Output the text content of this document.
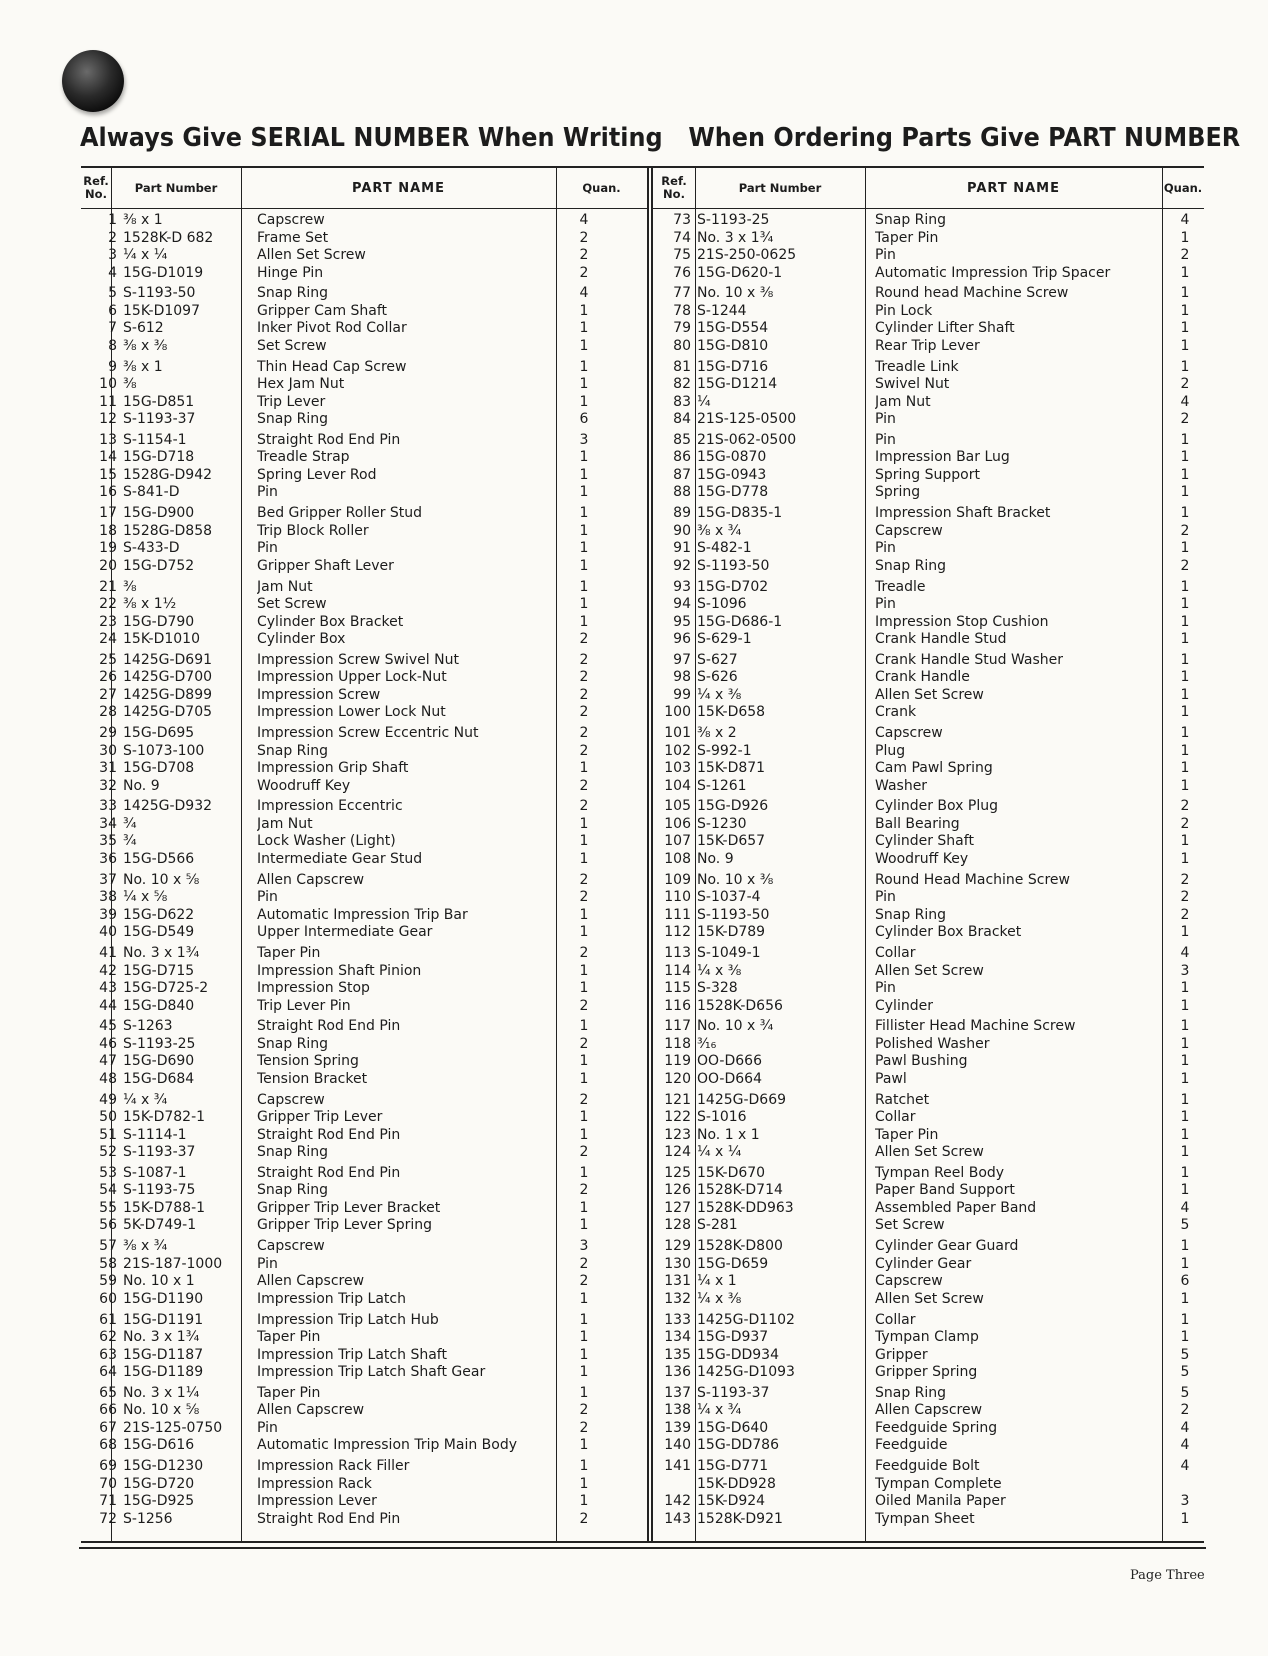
Always Give SERIAL NUMBER When Writing When Ordering Parts Give PART NUMBER
Ref. No.	Part Number	PART NAME	Quan.
1 ⅜ x 1	Capscrew	4
2 1528K-D 682	Frame Set	2
3 ¼ x ¼	Allen Set Screw	2
4 15G-D1019	Hinge Pin	2
5 S-1193-50	Snap Ring	4
6 15K-D1097	Gripper Cam Shaft	1
7 S-612	Inker Pivot Rod Collar	1
8 ⅜ x ⅜	Set Screw	1
9 ⅜ x 1	Thin Head Cap Screw	1
10 ⅜	Hex Jam Nut	1
11 15G-D851	Trip Lever	1
12 S-1193-37	Snap Ring	6
13 S-1154-1	Straight Rod End Pin	3
14 15G-D718	Treadle Strap	1
15 1528G-D942	Spring Lever Rod	1
16 S-841-D	Pin	1
17 15G-D900	Bed Gripper Roller Stud	1
18 1528G-D858	Trip Block Roller	1
19 S-433-D	Pin	1
20 15G-D752	Gripper Shaft Lever	1
21 ⅜	Jam Nut	1
22 ⅜ x 1½	Set Screw	1
23 15G-D790	Cylinder Box Bracket	1
24 15K-D1010	Cylinder Box	2
25 1425G-D691	Impression Screw Swivel Nut	2
26 1425G-D700	Impression Upper Lock-Nut	2
27 1425G-D899	Impression Screw	2
28 1425G-D705	Impression Lower Lock Nut	2
29 15G-D695	Impression Screw Eccentric Nut	2
30 S-1073-100	Snap Ring	2
31 15G-D708	Impression Grip Shaft	1
32 No. 9	Woodruff Key	2
33 1425G-D932	Impression Eccentric	2
34 ¾	Jam Nut	1
35 ¾	Lock Washer (Light)	1
36 15G-D566	Intermediate Gear Stud	1
37 No. 10 x ⅝	Allen Capscrew	2
38 ¼ x ⅝	Pin	2
39 15G-D622	Automatic Impression Trip Bar	1
40 15G-D549	Upper Intermediate Gear	1
41 No. 3 x 1¾	Taper Pin	2
42 15G-D715	Impression Shaft Pinion	1
43 15G-D725-2	Impression Stop	1
44 15G-D840	Trip Lever Pin	2
45 S-1263	Straight Rod End Pin	1
46 S-1193-25	Snap Ring	2
47 15G-D690	Tension Spring	1
48 15G-D684	Tension Bracket	1
49 ¼ x ¾	Capscrew	2
50 15K-D782-1	Gripper Trip Lever	1
51 S-1114-1	Straight Rod End Pin	1
52 S-1193-37	Snap Ring	2
53 S-1087-1	Straight Rod End Pin	1
54 S-1193-75	Snap Ring	2
55 15K-D788-1	Gripper Trip Lever Bracket	1
56 5K-D749-1	Gripper Trip Lever Spring	1
57 ⅜ x ¾	Capscrew	3
58 21S-187-1000	Pin	2
59 No. 10 x 1	Allen Capscrew	2
60 15G-D1190	Impression Trip Latch	1
61 15G-D1191	Impression Trip Latch Hub	1
62 No. 3 x 1¾	Taper Pin	1
63 15G-D1187	Impression Trip Latch Shaft	1
64 15G-D1189	Impression Trip Latch Shaft Gear	1
65 No. 3 x 1¼	Taper Pin	1
66 No. 10 x ⅝	Allen Capscrew	2
67 21S-125-0750	Pin	2
68 15G-D616	Automatic Impression Trip Main Body	1
69 15G-D1230	Impression Rack Filler	1
70 15G-D720	Impression Rack	1
71 15G-D925	Impression Lever	1
72 S-1256	Straight Rod End Pin	2
Ref. No.	Part Number	PART NAME	Quan.
73 S-1193-25	Snap Ring	4
74 No. 3 x 1¾	Taper Pin	1
75 21S-250-0625	Pin	2
76 15G-D620-1	Automatic Impression Trip Spacer	1
77 No. 10 x ⅜	Round head Machine Screw	1
78 S-1244	Pin Lock	1
79 15G-D554	Cylinder Lifter Shaft	1
80 15G-D810	Rear Trip Lever	1
81 15G-D716	Treadle Link	1
82 15G-D1214	Swivel Nut	2
83 ¼	Jam Nut	4
84 21S-125-0500	Pin	2
85 21S-062-0500	Pin	1
86 15G-0870	Impression Bar Lug	1
87 15G-0943	Spring Support	1
88 15G-D778	Spring	1
89 15G-D835-1	Impression Shaft Bracket	1
90 ⅜ x ¾	Capscrew	2
91 S-482-1	Pin	1
92 S-1193-50	Snap Ring	2
93 15G-D702	Treadle	1
94 S-1096	Pin	1
95 15G-D686-1	Impression Stop Cushion	1
96 S-629-1	Crank Handle Stud	1
97 S-627	Crank Handle Stud Washer	1
98 S-626	Crank Handle	1
99 ¼ x ⅜	Allen Set Screw	1
100 15K-D658	Crank	1
101 ⅜ x 2	Capscrew	1
102 S-992-1	Plug	1
103 15K-D871	Cam Pawl Spring	1
104 S-1261	Washer	1
105 15G-D926	Cylinder Box Plug	2
106 S-1230	Ball Bearing	2
107 15K-D657	Cylinder Shaft	1
108 No. 9	Woodruff Key	1
109 No. 10 x ⅜	Round Head Machine Screw	2
110 S-1037-4	Pin	2
111 S-1193-50	Snap Ring	2
112 15K-D789	Cylinder Box Bracket	1
113 S-1049-1	Collar	4
114 ¼ x ⅜	Allen Set Screw	3
115 S-328	Pin	1
116 1528K-D656	Cylinder	1
117 No. 10 x ¾	Fillister Head Machine Screw	1
118 ³⁄₁₆	Polished Washer	1
119 OO-D666	Pawl Bushing	1
120 OO-D664	Pawl	1
121 1425G-D669	Ratchet	1
122 S-1016	Collar	1
123 No. 1 x 1	Taper Pin	1
124 ¼ x ¼	Allen Set Screw	1
125 15K-D670	Tympan Reel Body	1
126 1528K-D714	Paper Band Support	1
127 1528K-DD963	Assembled Paper Band	4
128 S-281	Set Screw	5
129 1528K-D800	Cylinder Gear Guard	1
130 15G-D659	Cylinder Gear	1
131 ¼ x 1	Capscrew	6
132 ¼ x ⅜	Allen Set Screw	1
133 1425G-D1102	Collar	1
134 15G-D937	Tympan Clamp	1
135 15G-DD934	Gripper	5
136 1425G-D1093	Gripper Spring	5
137 S-1193-37	Snap Ring	5
138 ¼ x ¾	Allen Capscrew	2
139 15G-D640	Feedguide Spring	4
140 15G-DD786	Feedguide	4
141 15G-D771	Feedguide Bolt	4
15K-DD928	Tympan Complete
142 15K-D924	Oiled Manila Paper	3
143 1528K-D921	Tympan Sheet	1
Page Three
